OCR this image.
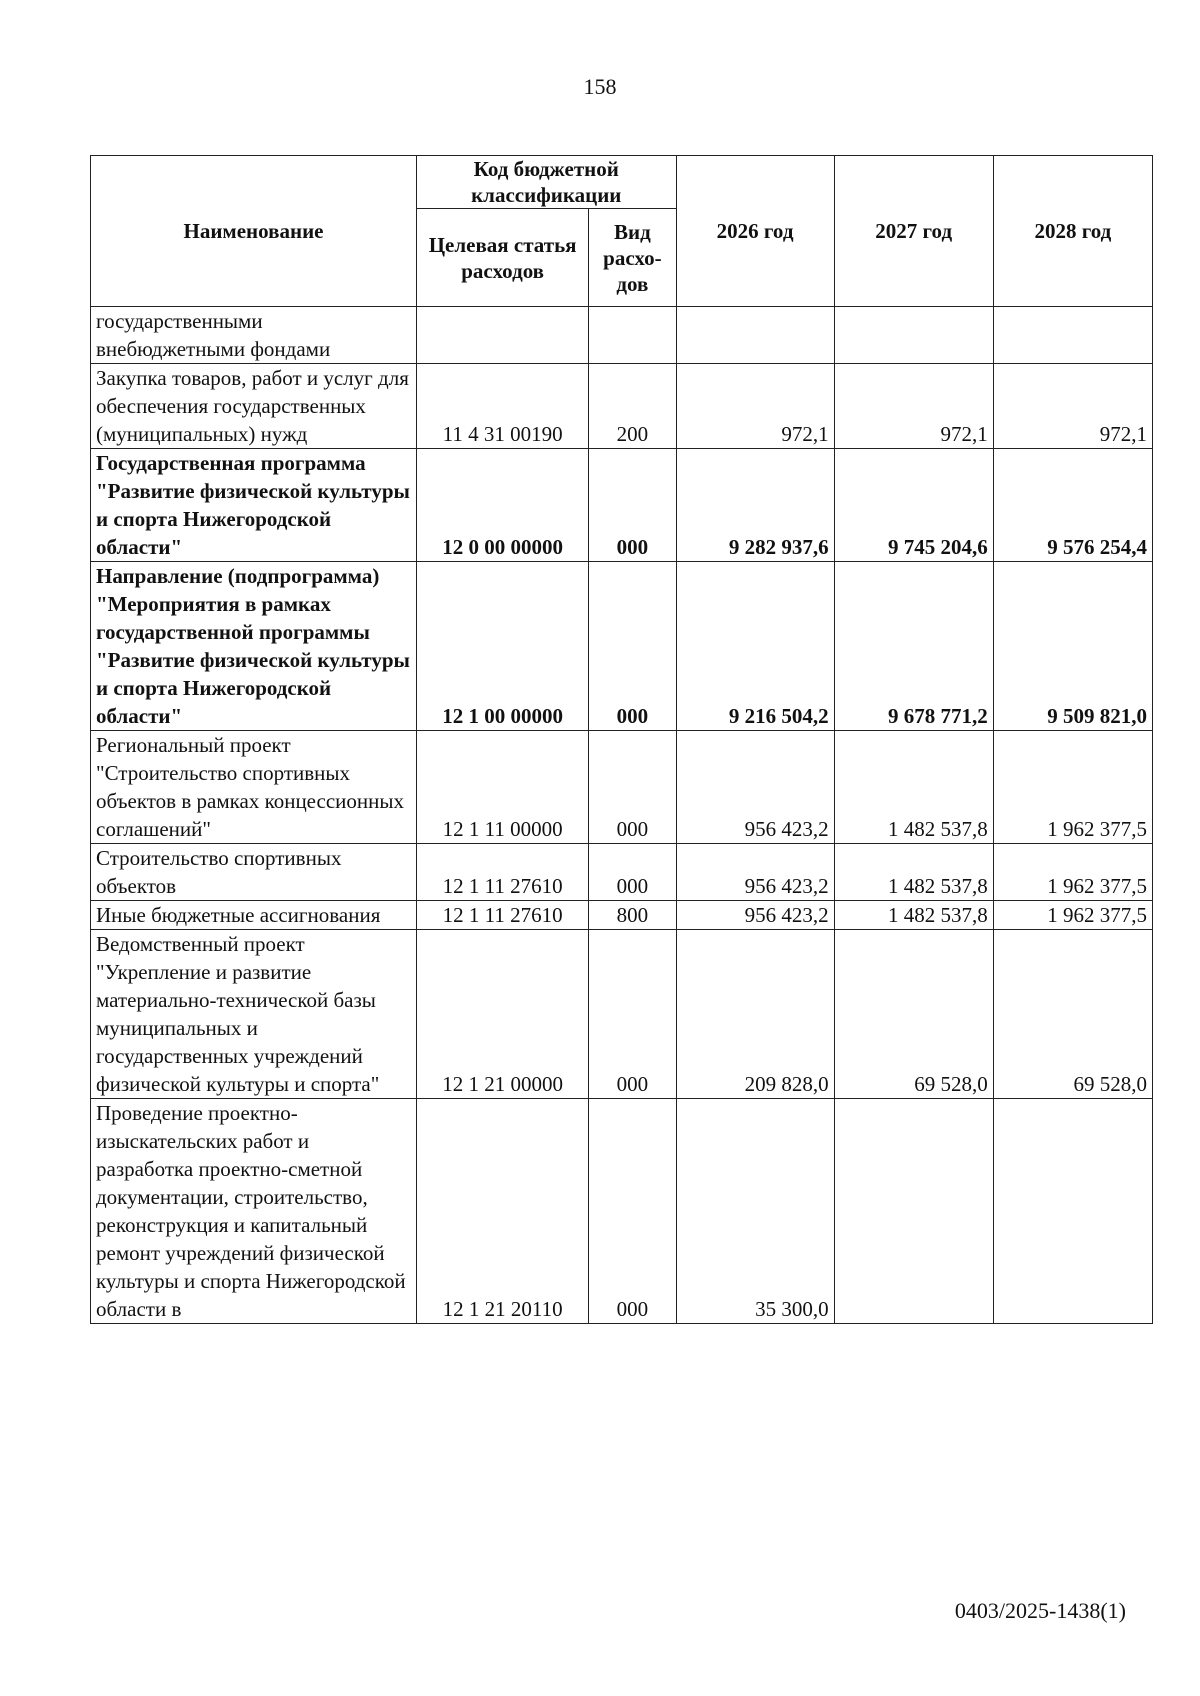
158
Наименование	Код бюджетной классификации		2026 год	2027 год	2028 год
	Целевая статья расходов	Вид расхо-дов			
государственными внебюджетными фондами					
Закупка товаров, работ и услуг для обеспечения государственных (муниципальных) нужд	11 4 31 00190	200	972,1	972,1	972,1
Государственная программа "Развитие физической культуры и спорта Нижегородской области"	12 0 00 00000	000	9 282 937,6	9 745 204,6	9 576 254,4
Направление (подпрограмма) "Мероприятия в рамках государственной программы "Развитие физической культуры и спорта Нижегородской области"	12 1 00 00000	000	9 216 504,2	9 678 771,2	9 509 821,0
Региональный проект "Строительство спортивных объектов в рамках концессионных соглашений"	12 1 11 00000	000	956 423,2	1 482 537,8	1 962 377,5
Строительство спортивных объектов	12 1 11 27610	000	956 423,2	1 482 537,8	1 962 377,5
Иные бюджетные ассигнования	12 1 11 27610	800	956 423,2	1 482 537,8	1 962 377,5
Ведомственный проект "Укрепление и развитие материально-технической базы муниципальных и государственных учреждений физической культуры и спорта"	12 1 21 00000	000	209 828,0	69 528,0	69 528,0
Проведение проектно-изыскательских работ и разработка проектно-сметной документации, строительство, реконструкция и капитальный ремонт учреждений физической культуры и спорта Нижегородской области в	12 1 21 20110	000	35 300,0		
0403/2025-1438(1)
